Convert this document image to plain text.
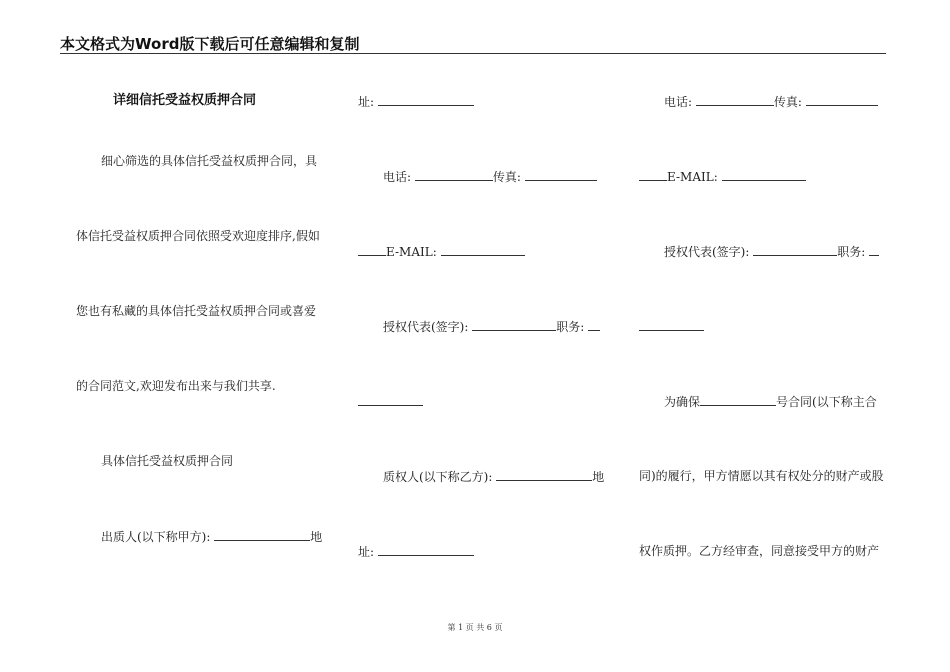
本文格式为Word版下载后可任意编辑和复制
详细信托受益权质押合同
细心筛选的具体信托受益权质押合同，具
体信托受益权质押合同依照受欢迎度排序,假如
您也有私藏的具体信托受益权质押合同或喜爱
的合同范文,欢迎发布出来与我们共享.
具体信托受益权质押合同
出质人(以下称甲方):	地
址:
电话:	传真:
E-MAIL:
授权代表(签字):	职务:
质权人(以下称乙方):	地
址:
电话:	传真:
E-MAIL:
授权代表(签字):	职务:
为确保	号合同(以下称主合
同)的履行，甲方情愿以其有权处分的财产或股
权作质押。乙方经审查，同意接受甲方的财产
第 1 页 共 6 页
